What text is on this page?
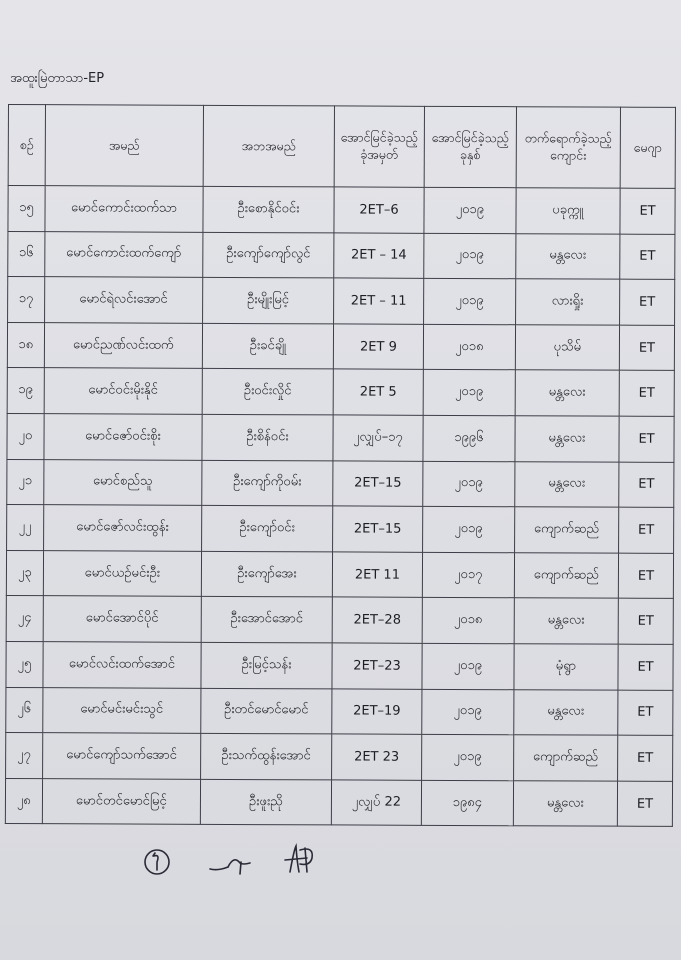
အထူးမြဲတာသာ-EP
စဉ်	အမည်	အဘအမည်	အောင်မြင်ခဲ့သည့် ခုံအမှတ်	အောင်မြင်ခဲ့သည့် ခုနှစ်	တက်ရောက်ခဲ့သည့်ကျောင်း	မေဂျာ
၁၅	မောင်ကောင်းထက်သာ	ဦးစောနိုင်ဝင်း	2ET–6	၂၀၁၉	ပခုက္ကူ	ET
၁၆	မောင်ကောင်းထက်ကျော်	ဦးကျော်ကျော်လွင်	2ET – 14	၂၀၁၉	မန္တလေး	ET
၁၇	မောင်ရဲလင်းအောင်	ဦးမျိုးမြင့်	2ET – 11	၂၀၁၉	လားရှိုး	ET
၁၈	မောင်ညဏ်လင်းထက်	ဦးခင်ချို	2ET 9	၂၀၁၈	ပုသိမ်	ET
၁၉	မောင်ဝင်းမိုးနိုင်	ဦးဝင်းလှိုင်	2ET 5	၂၀၁၉	မန္တလေး	ET
၂၀	မောင်ဇော်ဝင်းစိုး	ဦးစိန်ဝင်း	၂လျှပ်–၁၇	၁၉၉၆	မန္တလေး	ET
၂၁	မောင်စည်သူ	ဦးကျော်ကိုဝမ်း	2ET–15	၂၀၁၉	မန္တလေး	ET
၂၂	မောင်ဇော်လင်းထွန်း	ဦးကျော်ဝင်း	2ET–15	၂၀၁၉	ကျောက်ဆည်	ET
၂၃	မောင်ယဉ်မင်းဦး	ဦးကျော်အေး	2ET 11	၂၀၁၇	ကျောက်ဆည်	ET
၂၄	မောင်အောင်ပိုင်	ဦးအောင်အောင်	2ET–28	၂၀၁၈	မန္တလေး	ET
၂၅	မောင်လင်းထက်အောင်	ဦးမြင့်သန်း	2ET–23	၂၀၁၉	မုံရွာ	ET
၂၆	မောင်မင်းမင်းသွင်	ဦးတင်မောင်မောင်	2ET–19	၂၀၁၉	မန္တလေး	ET
၂၇	မောင်ကျော်သက်အောင်	ဦးသက်ထွန်းအောင်	2ET 23	၂၀၁၉	ကျောက်ဆည်	ET
၂၈	မောင်တင်မောင်မြင့်	ဦးဖူးညို	၂လျှပ် 22	၁၉၈၄	မန္တလေး	ET
